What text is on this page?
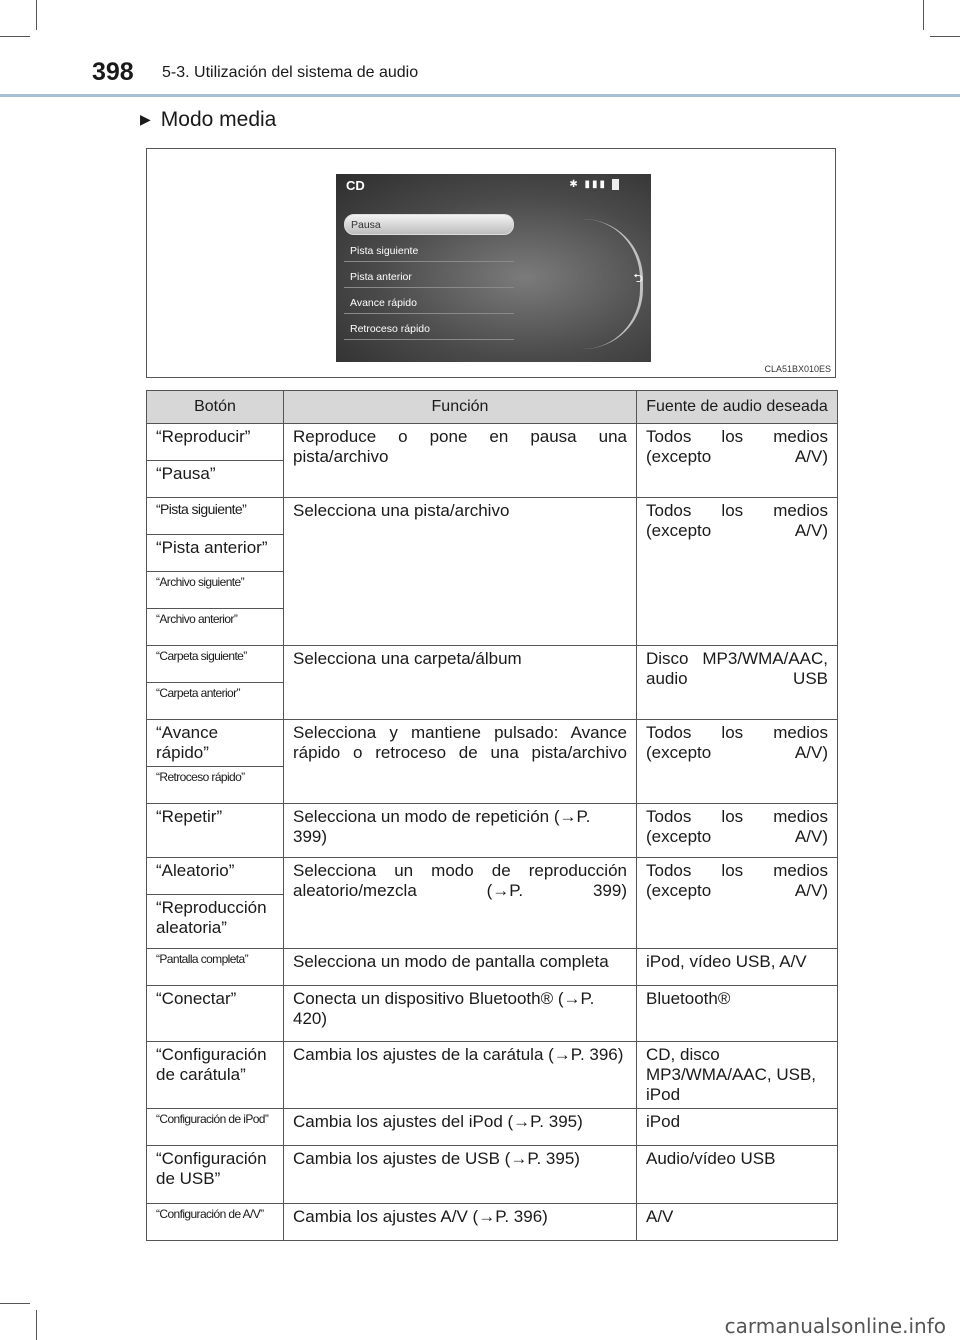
398 5-3. Utilización del sistema de audio
▶ Modo media
CD	✱ ▮▮▮
Pausa
Pista siguiente
Pista anterior
Avance rápido
Retroceso rápido
⮌
CLA51BX010ES
Botón	Función	Fuente de audio deseada
“Reproducir”	Reproduce o pone en pausa una pista/archivo	Todos los medios (excepto A/V)
“Pausa”		
“Pista siguiente”	Selecciona una pista/archivo	Todos los medios (excepto A/V)
“Pista anterior”		
“Archivo siguiente”		
“Archivo anterior”		
“Carpeta siguiente”	Selecciona una carpeta/álbum	Disco MP3/WMA/AAC, audio USB
“Carpeta anterior”		
“Avance rápido”	Selecciona y mantiene pulsado: Avance rápido o retroceso de una pista/archivo	Todos los medios (excepto A/V)
“Retroceso rápido”		
“Repetir”	Selecciona un modo de repetición (→P. 399)	Todos los medios (excepto A/V)
“Aleatorio”	Selecciona un modo de reproducción aleatorio/mezcla (→P. 399)	Todos los medios (excepto A/V)
“Reproducción aleatoria”		
“Pantalla completa”	Selecciona un modo de pantalla completa	iPod, vídeo USB, A/V
“Conectar”	Conecta un dispositivo Bluetooth® (→P. 420)	Bluetooth®
“Configuración de carátula”	Cambia los ajustes de la carátula (→P. 396)	CD, disco MP3/WMA/AAC, USB, iPod
“Configuración de iPod”	Cambia los ajustes del iPod (→P. 395)	iPod
“Configuración de USB”	Cambia los ajustes de USB (→P. 395)	Audio/vídeo USB
“Configuración de A/V”	Cambia los ajustes A/V (→P. 396)	A/V
carmanualsonline.info
